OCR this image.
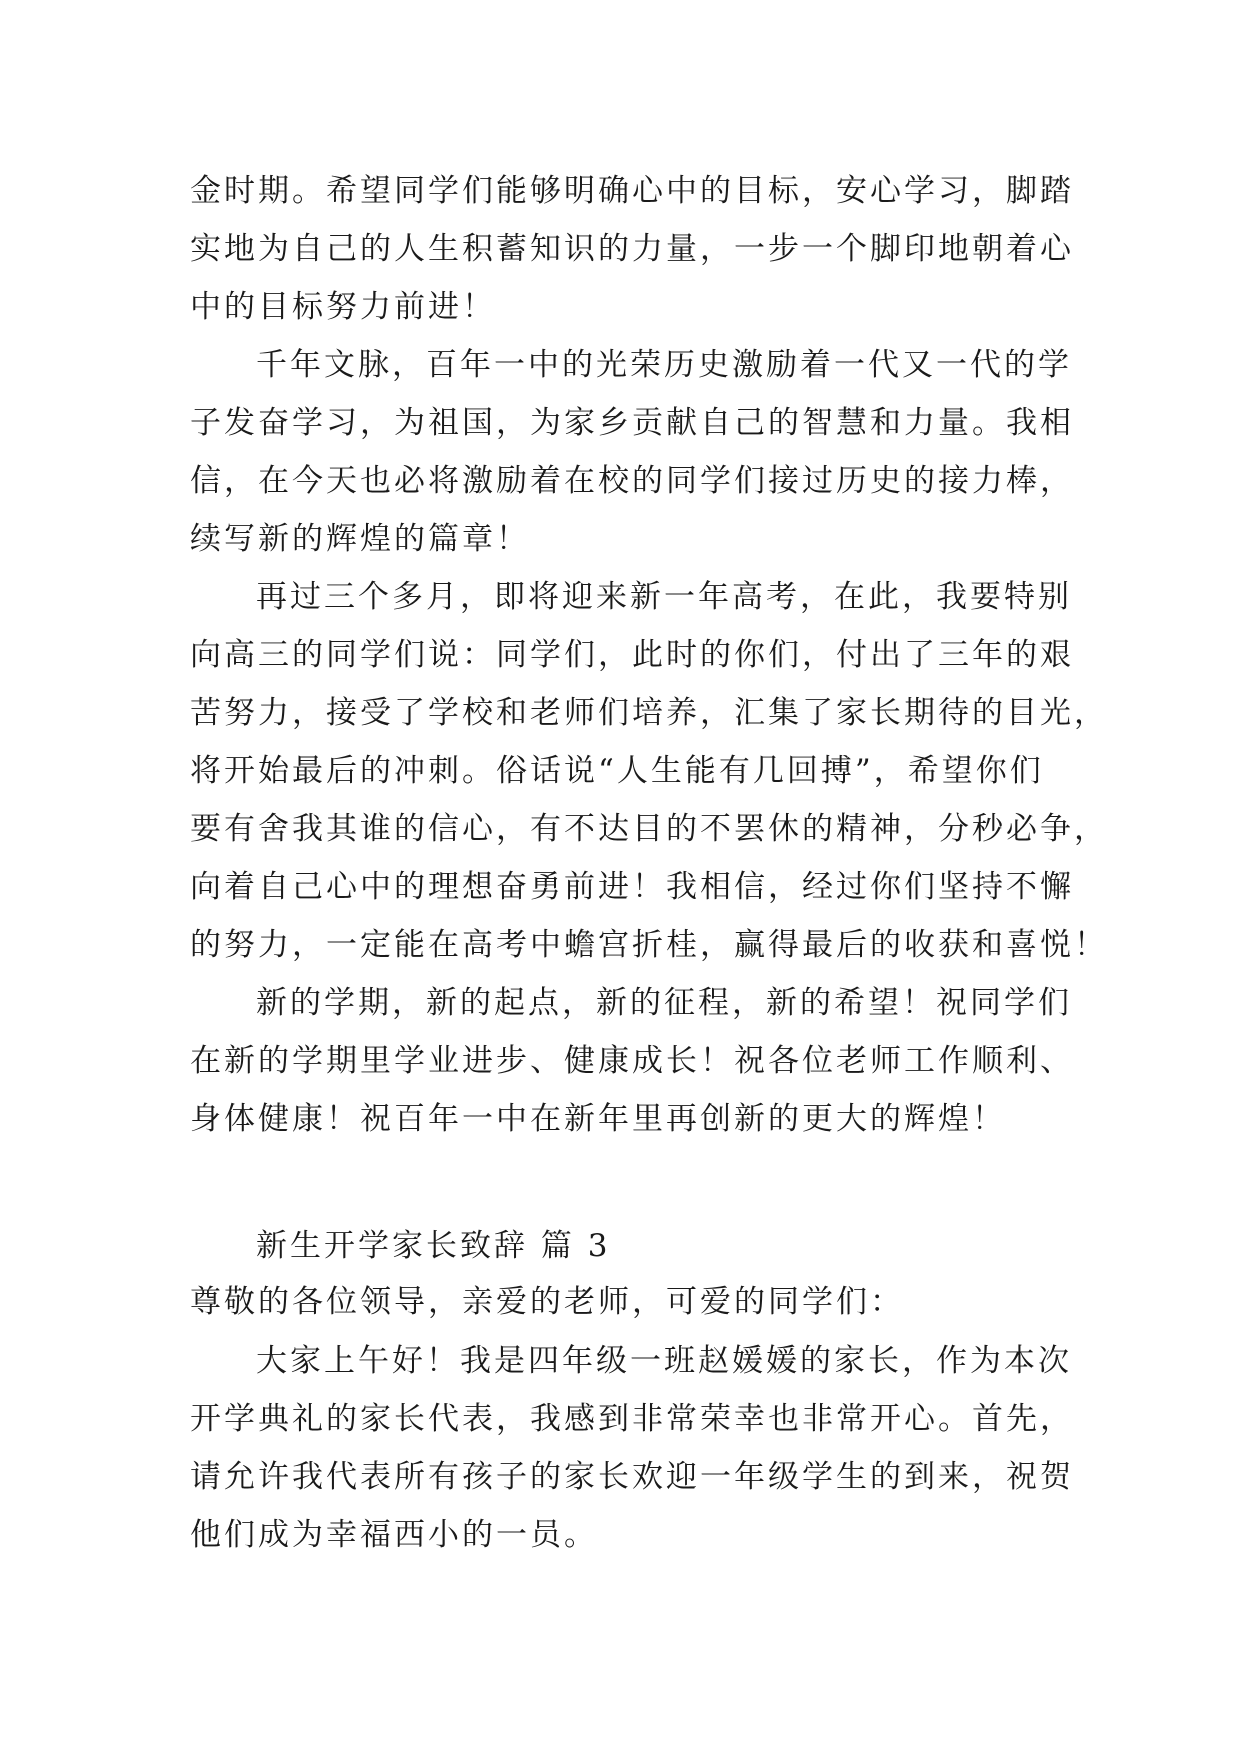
金时期。希望同学们能够明确心中的目标，安心学习，脚踏
实地为自己的人生积蓄知识的力量，一步一个脚印地朝着心
中的目标努力前进！
千年文脉，百年一中的光荣历史激励着一代又一代的学
子发奋学习，为祖国，为家乡贡献自己的智慧和力量。我相
信，在今天也必将激励着在校的同学们接过历史的接力棒，
续写新的辉煌的篇章！
再过三个多月，即将迎来新一年高考，在此，我要特别
向高三的同学们说：同学们，此时的你们，付出了三年的艰
苦努力，接受了学校和老师们培养，汇集了家长期待的目光，
将开始最后的冲刺。俗话说“人生能有几回搏”，希望你们
要有舍我其谁的信心，有不达目的不罢休的精神，分秒必争，
向着自己心中的理想奋勇前进！我相信，经过你们坚持不懈
的努力，一定能在高考中蟾宫折桂，赢得最后的收获和喜悦！
新的学期，新的起点，新的征程，新的希望！祝同学们
在新的学期里学业进步、健康成长！祝各位老师工作顺利、
身体健康！祝百年一中在新年里再创新的更大的辉煌！
新生开学家长致辞 篇 3
尊敬的各位领导，亲爱的老师，可爱的同学们：
大家上午好！我是四年级一班赵媛媛的家长，作为本次
开学典礼的家长代表，我感到非常荣幸也非常开心。首先，
请允许我代表所有孩子的家长欢迎一年级学生的到来，祝贺
他们成为幸福西小的一员。
